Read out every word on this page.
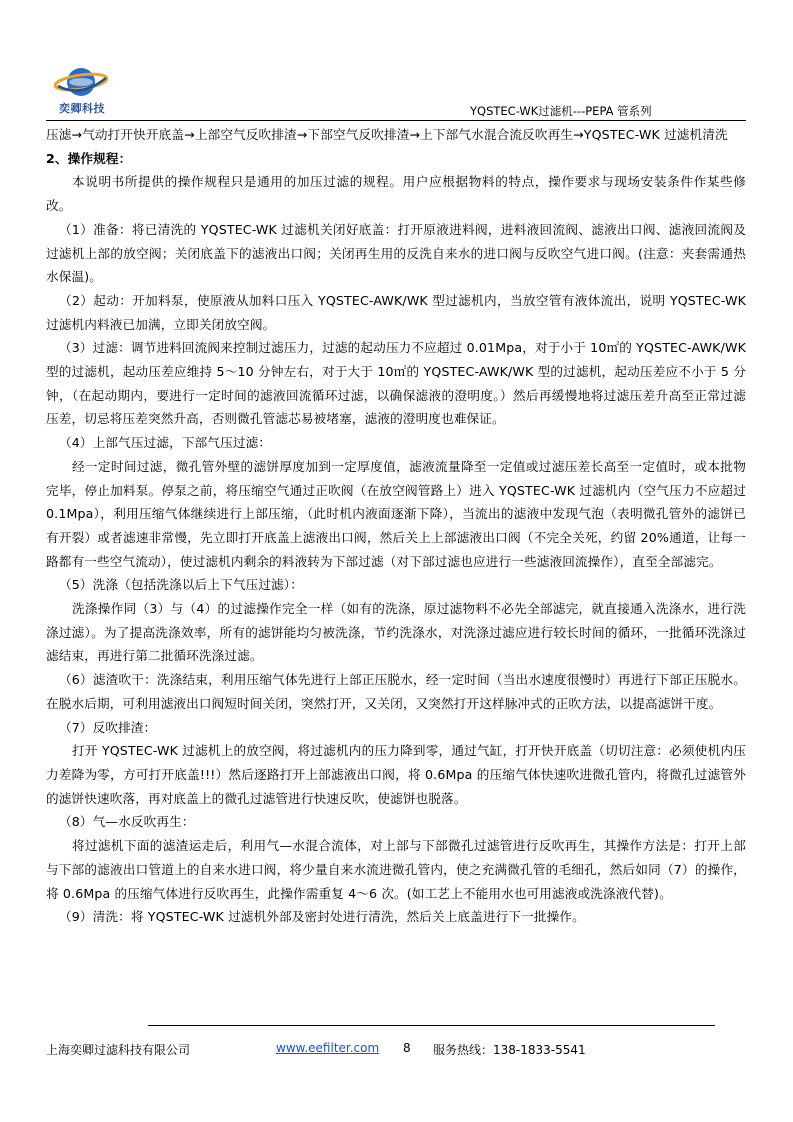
奕卿科技	YQSTEC-WK过滤机---PEPA 管系列

压滤→气动打开快开底盖→上部空气反吹排渣→下部空气反吹排渣→上下部气水混合流反吹再生→YQSTEC-WK 过滤机清洗

2、操作规程：

本说明书所提供的操作规程只是通用的加压过滤的规程。用户应根据物料的特点，操作要求与现场安装条件作某些修改。

（1）准备：将已清洗的 YQSTEC-WK 过滤机关闭好底盖：打开原液进料阀，进料液回流阀、滤液出口阀、滤液回流阀及过滤机上部的放空阀；关闭底盖下的滤液出口阀；关闭再生用的反洗自来水的进口阀与反吹空气进口阀。(注意：夹套需通热水保温)。

（2）起动：开加料泵，使原液从加料口压入 YQSTEC-AWK/WK 型过滤机内，当放空管有液体流出，说明 YQSTEC-WK 过滤机内料液已加满，立即关闭放空阀。

（3）过滤：调节进料回流阀来控制过滤压力，过滤的起动压力不应超过 0.01Mpa，对于小于 10㎡的 YQSTEC-AWK/WK 型的过滤机，起动压差应维持 5～10 分钟左右，对于大于 10㎡的 YQSTEC-AWK/WK 型的过滤机，起动压差应不小于 5 分钟，（在起动期内，要进行一定时间的滤液回流循环过滤，以确保滤液的澄明度。）然后再缓慢地将过滤压差升高至正常过滤压差，切忌将压差突然升高，否则微孔管滤芯易被堵塞，滤液的澄明度也难保证。

（4）上部气压过滤，下部气压过滤：

经一定时间过滤，微孔管外壁的滤饼厚度加到一定厚度值，滤液流量降至一定值或过滤压差长高至一定值时，或本批物完毕，停止加料泵。停泵之前，将压缩空气通过正吹阀（在放空阀管路上）进入 YQSTEC-WK 过滤机内（空气压力不应超过 0.1Mpa），利用压缩气体继续进行上部压缩，（此时机内液面逐渐下降），当流出的滤液中发现气泡（表明微孔管外的滤饼已有开裂）或者滤速非常慢，先立即打开底盖上滤液出口阀，然后关上上部滤液出口阀（不完全关死，约留 20%通道，让每一路都有一些空气流动），使过滤机内剩余的料液转为下部过滤（对下部过滤也应进行一些滤液回流操作），直至全部滤完。

（5）洗涤（包括洗涤以后上下气压过滤）：

洗涤操作同（3）与（4）的过滤操作完全一样（如有的洗涤，原过滤物料不必先全部滤完，就直接通入洗涤水，进行洗涤过滤）。为了提高洗涤效率，所有的滤饼能均匀被洗涤，节约洗涤水，对洗涤过滤应进行较长时间的循环，一批循环洗涤过滤结束，再进行第二批循环洗涤过滤。

（6）滤渣吹干：洗涤结束，利用压缩气体先进行上部正压脱水，经一定时间（当出水速度很慢时）再进行下部正压脱水。在脱水后期，可利用滤液出口阀短时间关闭，突然打开，又关闭，又突然打开这样脉冲式的正吹方法，以提高滤饼干度。

（7）反吹排渣：

打开 YQSTEC-WK 过滤机上的放空阀，将过滤机内的压力降到零，通过气缸，打开快开底盖（切切注意：必须使机内压力差降为零，方可打开底盖!!!）然后逐路打开上部滤液出口阀，将 0.6Mpa 的压缩气体快速吹进微孔管内，将微孔过滤管外的滤饼快速吹落，再对底盖上的微孔过滤管进行快速反吹，使滤饼也脱落。

（8）气—水反吹再生：

将过滤机下面的滤渣运走后，利用气—水混合流体，对上部与下部微孔过滤管进行反吹再生，其操作方法是：打开上部与下部的滤液出口管道上的自来水进口阀，将少量自来水流进微孔管内，使之充满微孔管的毛细孔，然后如同（7）的操作，将 0.6Mpa 的压缩气体进行反吹再生，此操作需重复 4～6 次。(如工艺上不能用水也可用滤液或洗涤液代替)。

（9）清洗：将 YQSTEC-WK 过滤机外部及密封处进行清洗，然后关上底盖进行下一批操作。

上海奕卿过滤科技有限公司	www.eefilter.com 8 服务热线：138-1833-5541
